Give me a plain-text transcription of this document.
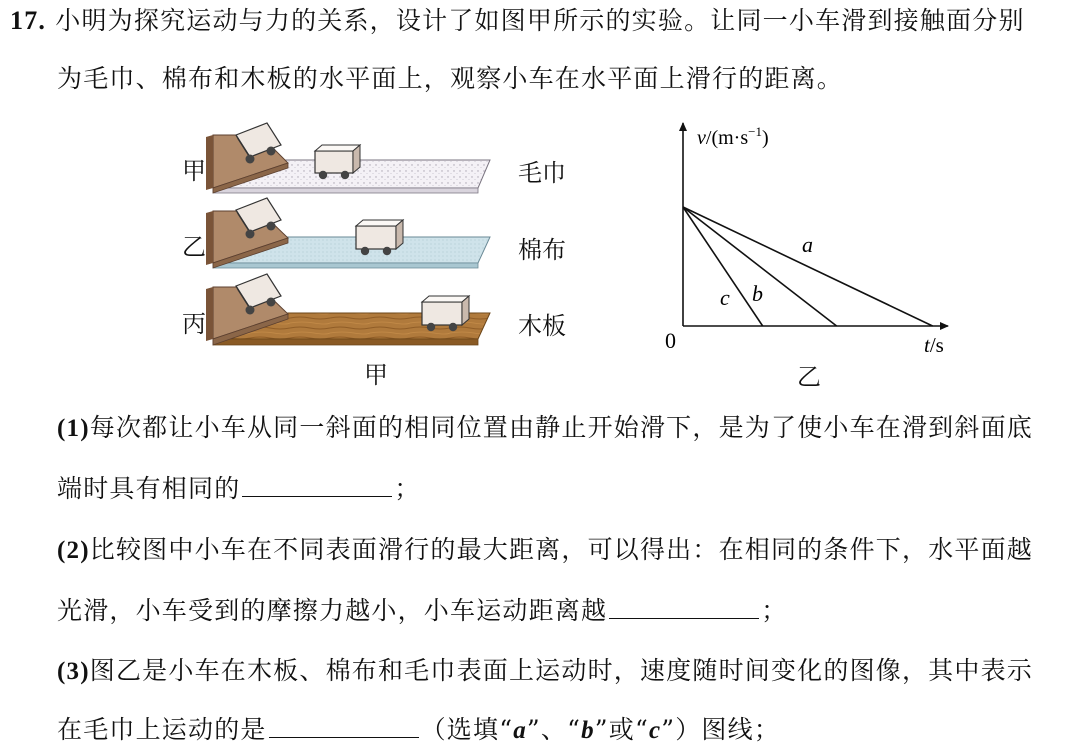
17. 小明为探究运动与力的关系，设计了如图甲所示的实验。让同一小车滑到接触面分别
为毛巾、棉布和木板的水平面上，观察小车在水平面上滑行的距离。
甲
乙
丙
毛巾
棉布
木板
甲
0
$v/(m\cdot s^{-1})$
t/s
a
b
c
乙
(1)每次都让小车从同一斜面的相同位置由静止开始滑下，是为了使小车在滑到斜面底
端时具有相同的	；
(2)比较图中小车在不同表面滑行的最大距离，可以得出：在相同的条件下，水平面越
光滑，小车受到的摩擦力越小，小车运动距离越	；
(3)图乙是小车在木板、棉布和毛巾表面上运动时，速度随时间变化的图像，其中表示
在毛巾上运动的是	（选填“a”、“b”或“c”）图线；
